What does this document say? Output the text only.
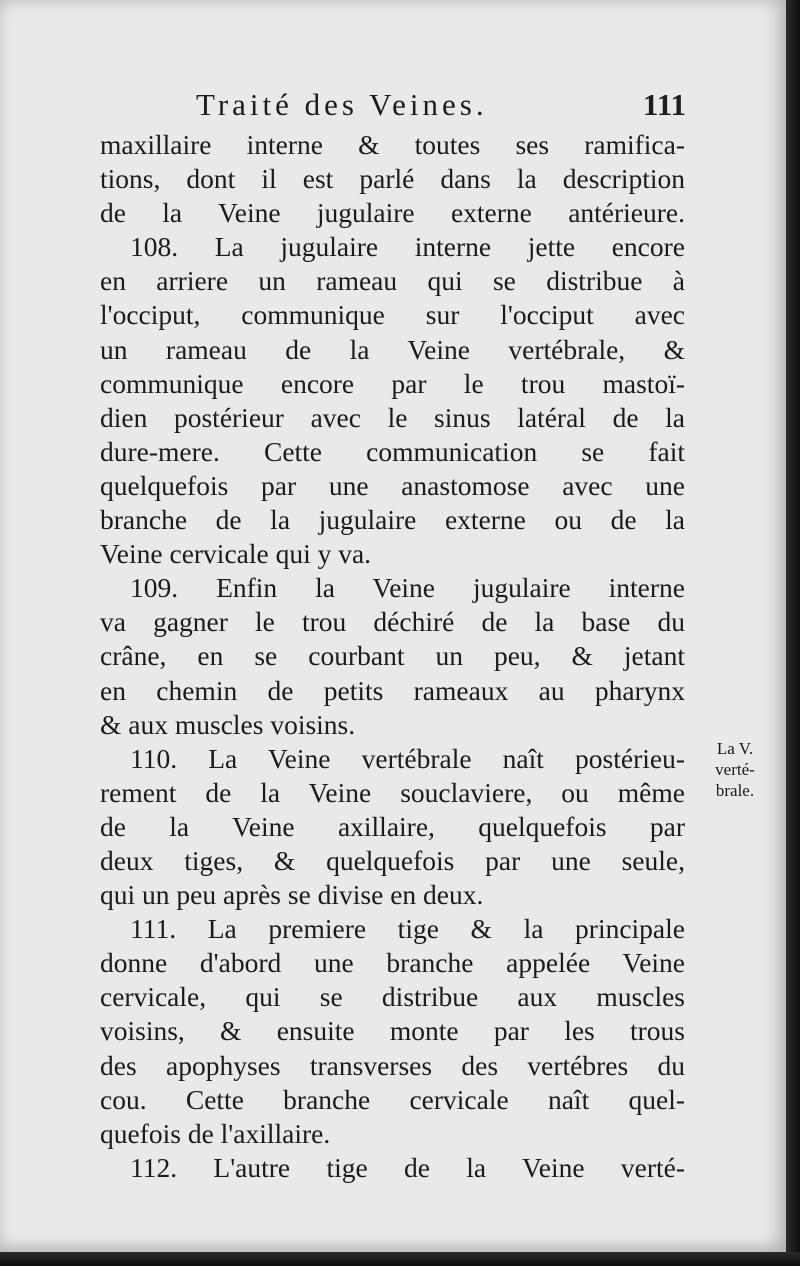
Traité des Veines.	111
maxillaire interne & toutes ses ramifica-
tions, dont il est parlé dans la description
de la Veine jugulaire externe antérieure.
108. La jugulaire interne jette encore
en arriere un rameau qui se distribue à
l'occiput, communique sur l'occiput avec
un rameau de la Veine vertébrale, &
communique encore par le trou mastoï-
dien postérieur avec le sinus latéral de la
dure-mere. Cette communication se fait
quelquefois par une anastomose avec une
branche de la jugulaire externe ou de la
Veine cervicale qui y va.
109. Enfin la Veine jugulaire interne
va gagner le trou déchiré de la base du
crâne, en se courbant un peu, & jetant
en chemin de petits rameaux au pharynx
& aux muscles voisins.
110. La Veine vertébrale naît postérieu-
rement de la Veine souclaviere, ou même
de la Veine axillaire, quelquefois par
deux tiges, & quelquefois par une seule,
qui un peu après se divise en deux.
111. La premiere tige & la principale
donne d'abord une branche appelée Veine
cervicale, qui se distribue aux muscles
voisins, & ensuite monte par les trous
des apophyses transverses des vertébres du
cou. Cette branche cervicale naît quel-
quefois de l'axillaire.
112. L'autre tige de la Veine verté-
La V.
verté-
brale.
